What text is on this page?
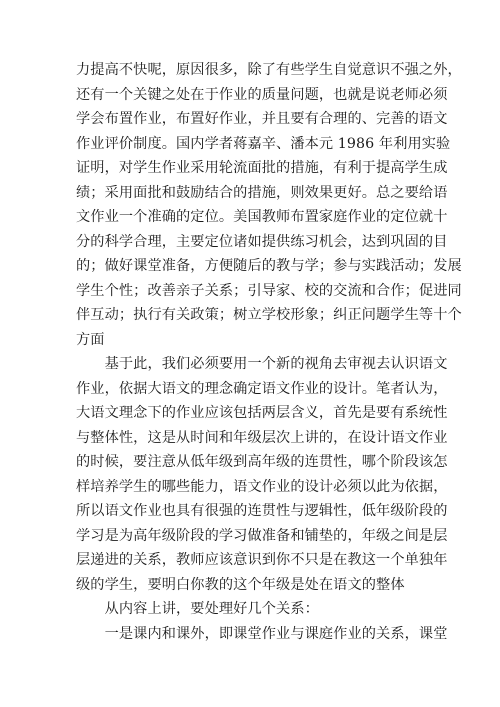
力提高不快呢，原因很多，除了有些学生自觉意识不强之外，
还有一个关键之处在于作业的质量问题，也就是说老师必须
学会布置作业，布置好作业，并且要有合理的、完善的语文
作业评价制度。国内学者蒋嘉辛、潘本元 1986 年利用实验
证明，对学生作业采用轮流面批的措施，有利于提高学生成
绩；采用面批和鼓励结合的措施，则效果更好。总之要给语
文作业一个准确的定位。美国教师布置家庭作业的定位就十
分的科学合理，主要定位诸如提供练习机会，达到巩固的目
的；做好课堂准备，方便随后的教与学；参与实践活动；发展
学生个性；改善亲子关系；引导家、校的交流和合作；促进同
伴互动；执行有关政策；树立学校形象；纠正问题学生等十个
方面
　　基于此，我们必须要用一个新的视角去审视去认识语文
作业，依据大语文的理念确定语文作业的设计。笔者认为，
大语文理念下的作业应该包括两层含义，首先是要有系统性
与整体性，这是从时间和年级层次上讲的，在设计语文作业
的时候，要注意从低年级到高年级的连贯性，哪个阶段该怎
样培养学生的哪些能力，语文作业的设计必须以此为依据，
所以语文作业也具有很强的连贯性与逻辑性，低年级阶段的
学习是为高年级阶段的学习做准备和铺垫的，年级之间是层
层递进的关系，教师应该意识到你不只是在教这一个单独年
级的学生，要明白你教的这个年级是处在语文的整体
　　从内容上讲，要处理好几个关系：
　　一是课内和课外，即课堂作业与课庭作业的关系，课堂
